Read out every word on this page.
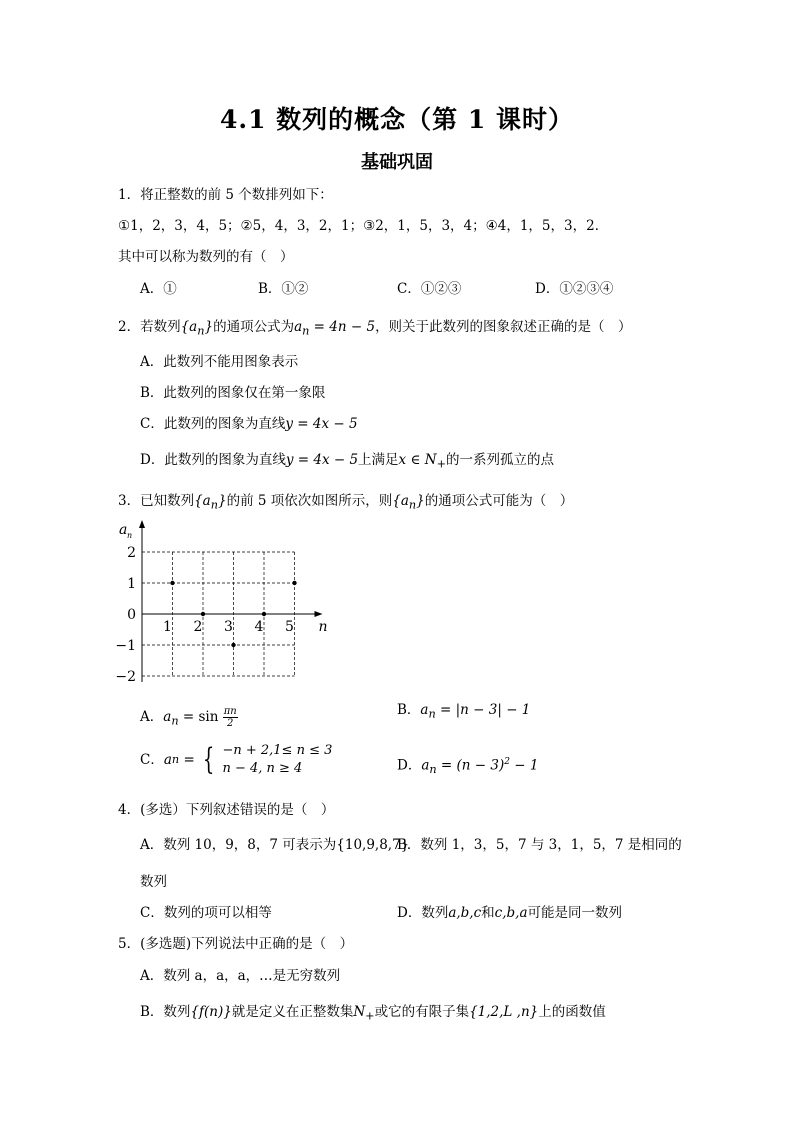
4.1 数列的概念（第 1 课时）
基础巩固
1．将正整数的前 5 个数排列如下：
①1，2，3，4，5；②5，4，3，2，1；③2，1，5，3，4；④4，1，5，3，2．
其中可以称为数列的有（　）
A．①	B．①②	C．①②③	D．①②③④
2．若数列$\{a_n\}$的通项公式为$a_n = 4n - 5$，则关于此数列的图象叙述正确的是（　）
A．此数列不能用图象表示
B．此数列的图象仅在第一象限
C．此数列的图象为直线y = 4x − 5
D．此数列的图象为直线y = 4x − 5上满足x ∈ $N_+$的一系列孤立的点
3．已知数列$\{a_n\}$的前 5 项依次如图所示，则$\{a_n\}$的通项公式可能为（　）
2
1
0
−1
−2
1 2 3 4 5 n
a n
A．$a_n = \sin \frac{\pi n}{2}$	B．$a_n = |n - 3| - 1$
C．an = { −n + 2,1≤ n ≤ 3
n − 4, n ≥ 4	D．$a_n = (n - 3)^2 - 1$
4．(多选）下列叙述错误的是（　）
A．数列 10，9，8，7 可表示为{10,9,8,7}
B．数列 1，3，5，7 与 3，1，5，7 是相同的
数列
C．数列的项可以相等	D．数列a,b,c和c,b,a可能是同一数列
5．(多选题)下列说法中正确的是（　）
A．数列 a，a，a，…是无穷数列
B．数列{f(n)}就是定义在正整数集$N_+$或它的有限子集{1,2,L ,n}上的函数值
